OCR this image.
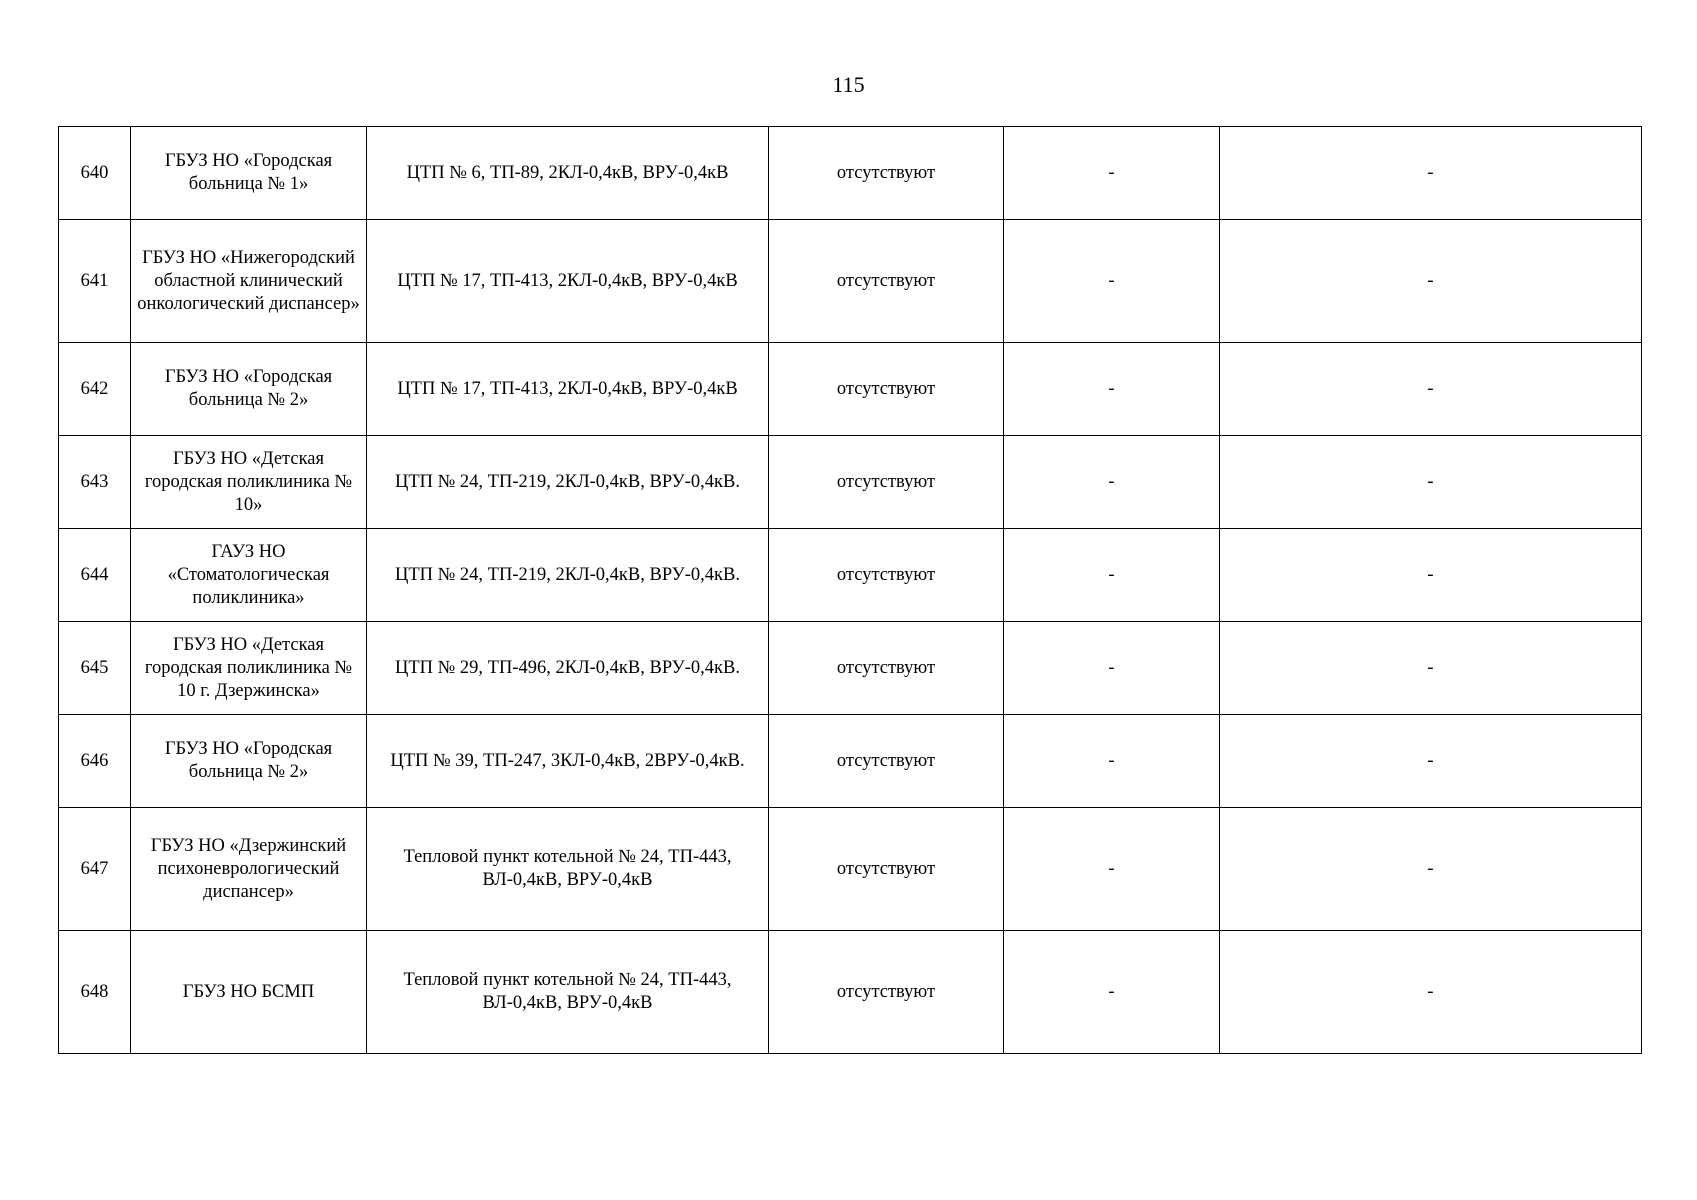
115
640	ГБУЗ НО «Городская больница № 1»	ЦТП № 6, ТП-89, 2КЛ-0,4кВ, ВРУ-0,4кВ	отсутствуют	-	-
641	ГБУЗ НО «Нижегородский областной клинический онкологический диспансер»	ЦТП № 17, ТП-413, 2КЛ-0,4кВ, ВРУ-0,4кВ	отсутствуют	-	-
642	ГБУЗ НО «Городская больница № 2»	ЦТП № 17, ТП-413, 2КЛ-0,4кВ, ВРУ-0,4кВ	отсутствуют	-	-
643	ГБУЗ НО «Детская городская поликлиника № 10»	ЦТП № 24, ТП-219, 2КЛ-0,4кВ, ВРУ-0,4кВ.	отсутствуют	-	-
644	ГАУЗ НО «Стоматологическая поликлиника»	ЦТП № 24, ТП-219, 2КЛ-0,4кВ, ВРУ-0,4кВ.	отсутствуют	-	-
645	ГБУЗ НО «Детская городская поликлиника № 10 г. Дзержинска»	ЦТП № 29, ТП-496, 2КЛ-0,4кВ, ВРУ-0,4кВ.	отсутствуют	-	-
646	ГБУЗ НО «Городская больница № 2»	ЦТП № 39, ТП-247, 3КЛ-0,4кВ, 2ВРУ-0,4кВ.	отсутствуют	-	-
647	ГБУЗ НО «Дзержинский психоневрологический диспансер»	Тепловой пункт котельной № 24, ТП-443, ВЛ-0,4кВ, ВРУ-0,4кВ	отсутствуют	-	-
648	ГБУЗ НО БСМП	Тепловой пункт котельной № 24, ТП-443, ВЛ-0,4кВ, ВРУ-0,4кВ	отсутствуют	-	-
